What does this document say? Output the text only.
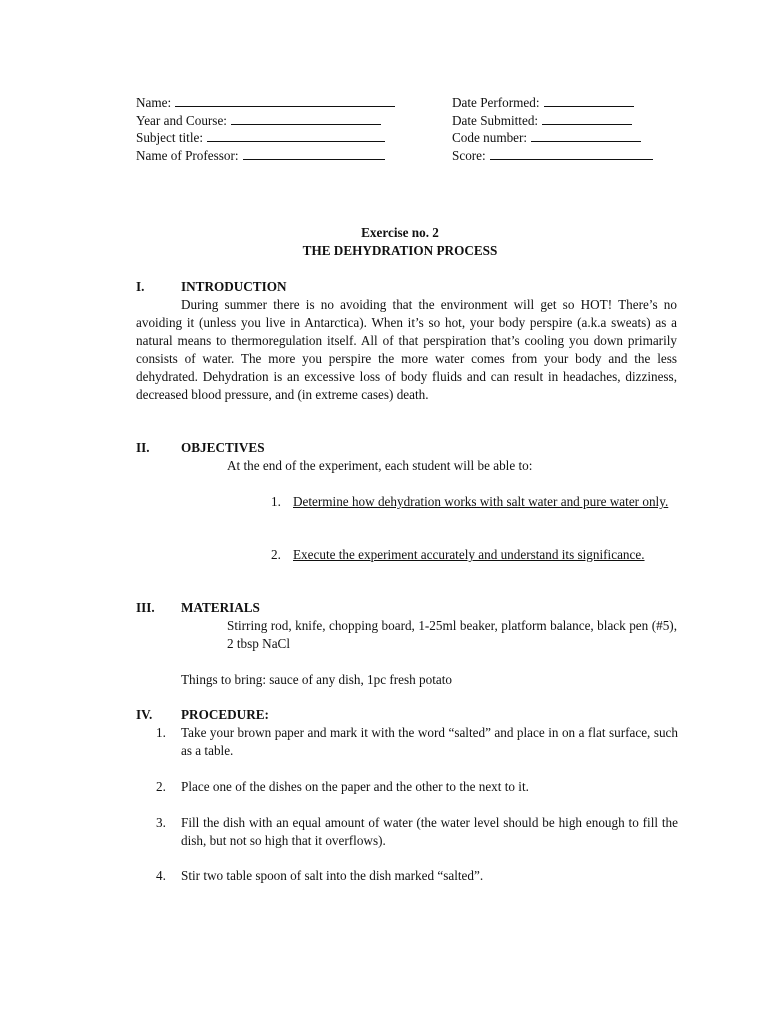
Name:
Year and Course:
Subject title:
Name of Professor:
Date Performed:
Date Submitted:
Code number:
Score:
Exercise no. 2
THE DEHYDRATION PROCESS
I.	INTRODUCTION
During summer there is no avoiding that the environment will get so HOT! There’s no avoiding it (unless you live in Antarctica). When it’s so hot, your body perspire (a.k.a sweats) as a natural means to thermoregulation itself. All of that perspiration that’s cooling you down primarily consists of water. The more you perspire the more water comes from your body and the less dehydrated. Dehydration is an excessive loss of body fluids and can result in headaches, dizziness, decreased blood pressure, and (in extreme cases) death.
II. OBJECTIVES
At the end of the experiment, each student will be able to:
1. Determine how dehydration works with salt water and pure water only.
2. Execute the experiment accurately and understand its significance.
III. MATERIALS
Stirring rod, knife, chopping board, 1-25ml beaker, platform balance, black pen (#5), 2 tbsp NaCl
Things to bring: sauce of any dish, 1pc fresh potato
IV. PROCEDURE:
1. Take your brown paper and mark it with the word “salted” and place in on a flat surface, such as a table.
2. Place one of the dishes on the paper and the other to the next to it.
3. Fill the dish with an equal amount of water (the water level should be high enough to fill the dish, but not so high that it overflows).
4. Stir two table spoon of salt into the dish marked “salted”.
